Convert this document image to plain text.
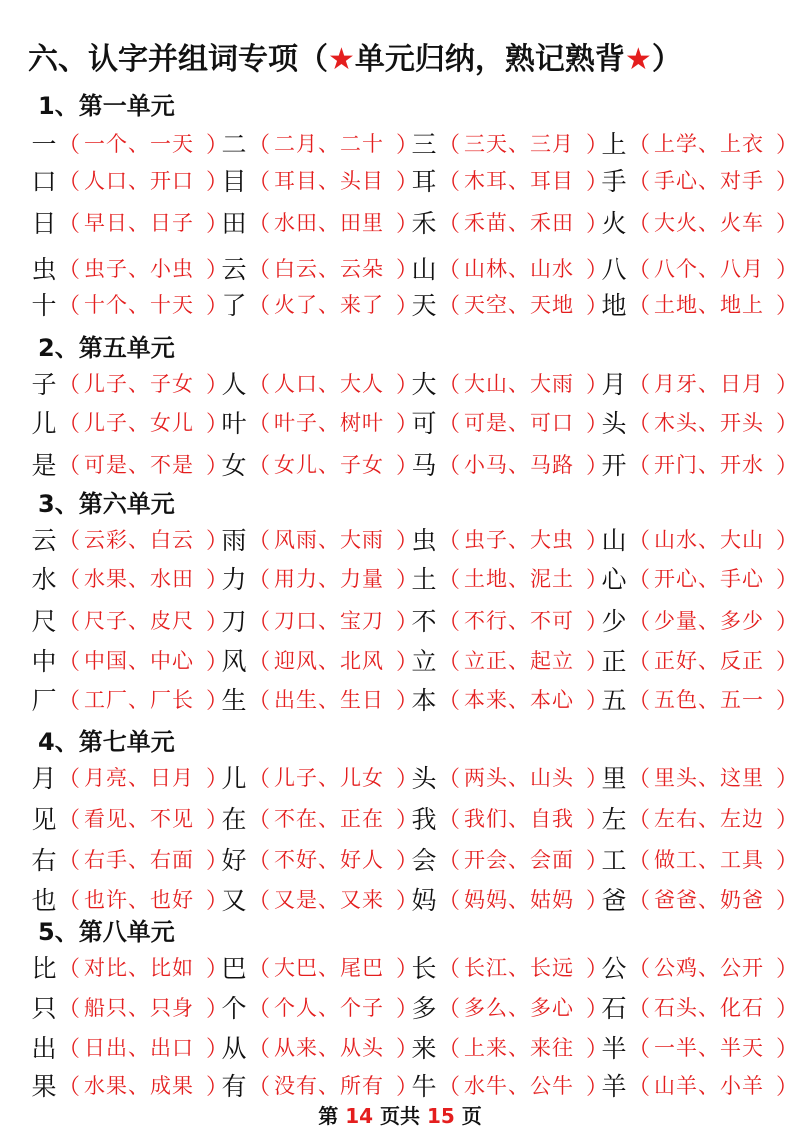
六、认字并组词专项（★单元归纳，熟记熟背★）
1、第一单元
一 （ 一个、一天 ）
二 （ 二月、二十 ）
三 （ 三天、三月 ）
上 （ 上学、上衣 ）
口 （ 人口、开口 ）
目 （ 耳目、头目 ）
耳 （ 木耳、耳目 ）
手 （ 手心、对手 ）
日 （ 早日、日子 ）
田 （ 水田、田里 ）
禾 （ 禾苗、禾田 ）
火 （ 大火、火车 ）
虫 （ 虫子、小虫 ）
云 （ 白云、云朵 ）
山 （ 山林、山水 ）
八 （ 八个、八月 ）
十 （ 十个、十天 ）
了 （ 火了、来了 ）
天 （ 天空、天地 ）
地 （ 土地、地上 ）
2、第五单元
子 （ 儿子、子女 ）
人 （ 人口、大人 ）
大 （ 大山、大雨 ）
月 （ 月牙、日月 ）
儿 （ 儿子、女儿 ）
叶 （ 叶子、树叶 ）
可 （ 可是、可口 ）
头 （ 木头、开头 ）
是 （ 可是、不是 ）
女 （ 女儿、子女 ）
马 （ 小马、马路 ）
开 （ 开门、开水 ）
3、第六单元
云 （ 云彩、白云 ）
雨 （ 风雨、大雨 ）
虫 （ 虫子、大虫 ）
山 （ 山水、大山 ）
水 （ 水果、水田 ）
力 （ 用力、力量 ）
土 （ 土地、泥土 ）
心 （ 开心、手心 ）
尺 （ 尺子、皮尺 ）
刀 （ 刀口、宝刀 ）
不 （ 不行、不可 ）
少 （ 少量、多少 ）
中 （ 中国、中心 ）
风 （ 迎风、北风 ）
立 （ 立正、起立 ）
正 （ 正好、反正 ）
厂 （ 工厂、厂长 ）
生 （ 出生、生日 ）
本 （ 本来、本心 ）
五 （ 五色、五一 ）
4、第七单元
月 （ 月亮、日月 ）
儿 （ 儿子、儿女 ）
头 （ 两头、山头 ）
里 （ 里头、这里 ）
见 （ 看见、不见 ）
在 （ 不在、正在 ）
我 （ 我们、自我 ）
左 （ 左右、左边 ）
右 （ 右手、右面 ）
好 （ 不好、好人 ）
会 （ 开会、会面 ）
工 （ 做工、工具 ）
也 （ 也许、也好 ）
又 （ 又是、又来 ）
妈 （ 妈妈、姑妈 ）
爸 （ 爸爸、奶爸 ）
5、第八单元
比 （ 对比、比如 ）
巴 （ 大巴、尾巴 ）
长 （ 长江、长远 ）
公 （ 公鸡、公开 ）
只 （ 船只、只身 ）
个 （ 个人、个子 ）
多 （ 多么、多心 ）
石 （ 石头、化石 ）
出 （ 日出、出口 ）
从 （ 从来、从头 ）
来 （ 上来、来往 ）
半 （ 一半、半天 ）
果 （ 水果、成果 ）
有 （ 没有、所有 ）
牛 （ 水牛、公牛 ）
羊 （ 山羊、小羊 ）
第 14 页共 15 页
